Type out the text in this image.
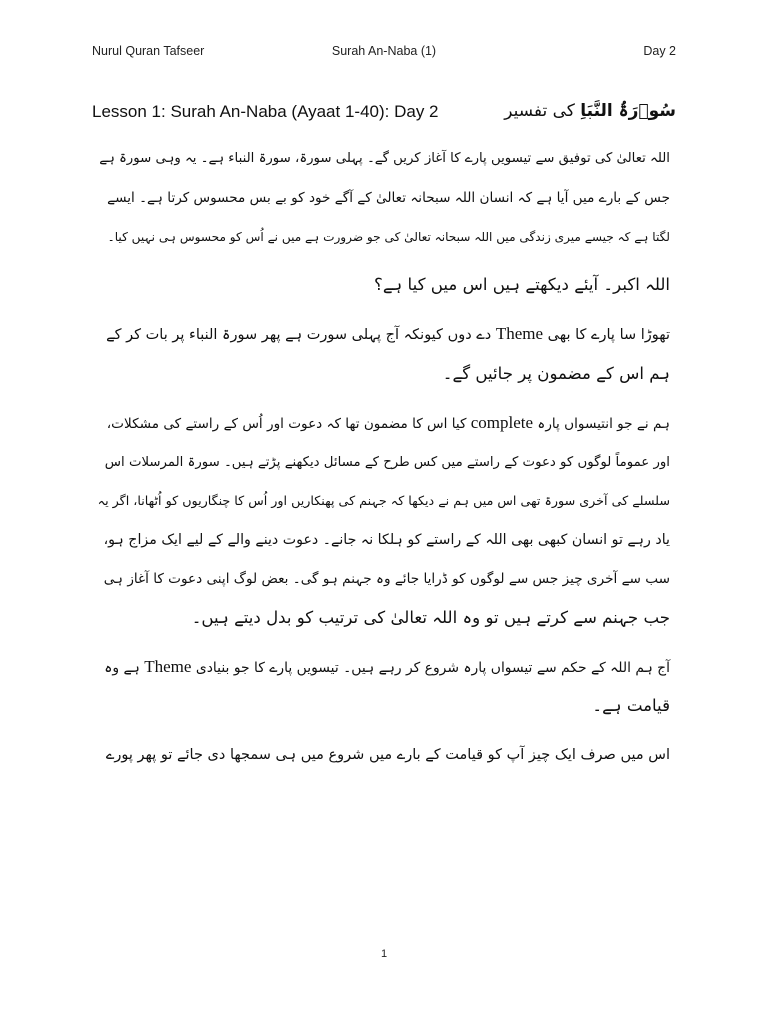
Nurul Quran Tafseer	Surah An-Naba (1)	Day 2
Lesson 1: Surah An-Naba (Ayaat 1-40): Day 2	سُوۡرَۃُ النَّبَاِ کی تفسیر

اللہ تعالیٰ کی توفیق سے تیسویں پارے کا آغاز کریں گے۔ پہلی سورۃ، سورۃ النباء ہے۔ یہ وہی سورۃ ہے
جس کے بارے میں آیا ہے کہ انسان اللہ سبحانہ تعالیٰ کے آگے خود کو بے بس محسوس کرتا ہے۔ ایسے
لگتا ہے کہ جیسے میری زندگی میں اللہ سبحانہ تعالیٰ کی جو ضرورت ہے میں نے اُس کو محسوس ہی نہیں کیا۔

اللہ اکبر۔ آیئے دیکھتے ہیں اس میں کیا ہے؟

تھوڑا سا پارے کا بھی Theme دے دوں کیونکہ آج پہلی سورت ہے پھر سورۃ النباء پر بات کر کے
ہم اس کے مضمون پر جائیں گے۔

ہم نے جو انتیسواں پارہ complete کیا اس کا مضمون تھا کہ دعوت اور اُس کے راستے کی مشکلات،
اور عموماً لوگوں کو دعوت کے راستے میں کس طرح کے مسائل دیکھنے پڑتے ہیں۔ سورۃ المرسلات اس
سلسلے کی آخری سورۃ تھی اس میں ہم نے دیکھا کہ جہنم کی پھنکاریں اور اُس کا چنگاریوں کو اُٹھانا، اگر یہ
یاد رہے تو انسان کبھی بھی اللہ کے راستے کو ہلکا نہ جانے۔ دعوت دینے والے کے لیے ایک مزاج ہو،
سب سے آخری چیز جس سے لوگوں کو ڈرایا جائے وہ جہنم ہو گی۔ بعض لوگ اپنی دعوت کا آغاز ہی
جب جہنم سے کرتے ہیں تو وہ اللہ تعالیٰ کی ترتیب کو بدل دیتے ہیں۔

آج ہم اللہ کے حکم سے تیسواں پارہ شروع کر رہے ہیں۔ تیسویں پارے کا جو بنیادی Theme ہے وہ
قیامت ہے۔

اس میں صرف ایک چیز آپ کو قیامت کے بارے میں شروع میں ہی سمجھا دی جائے تو پھر پورے

1
